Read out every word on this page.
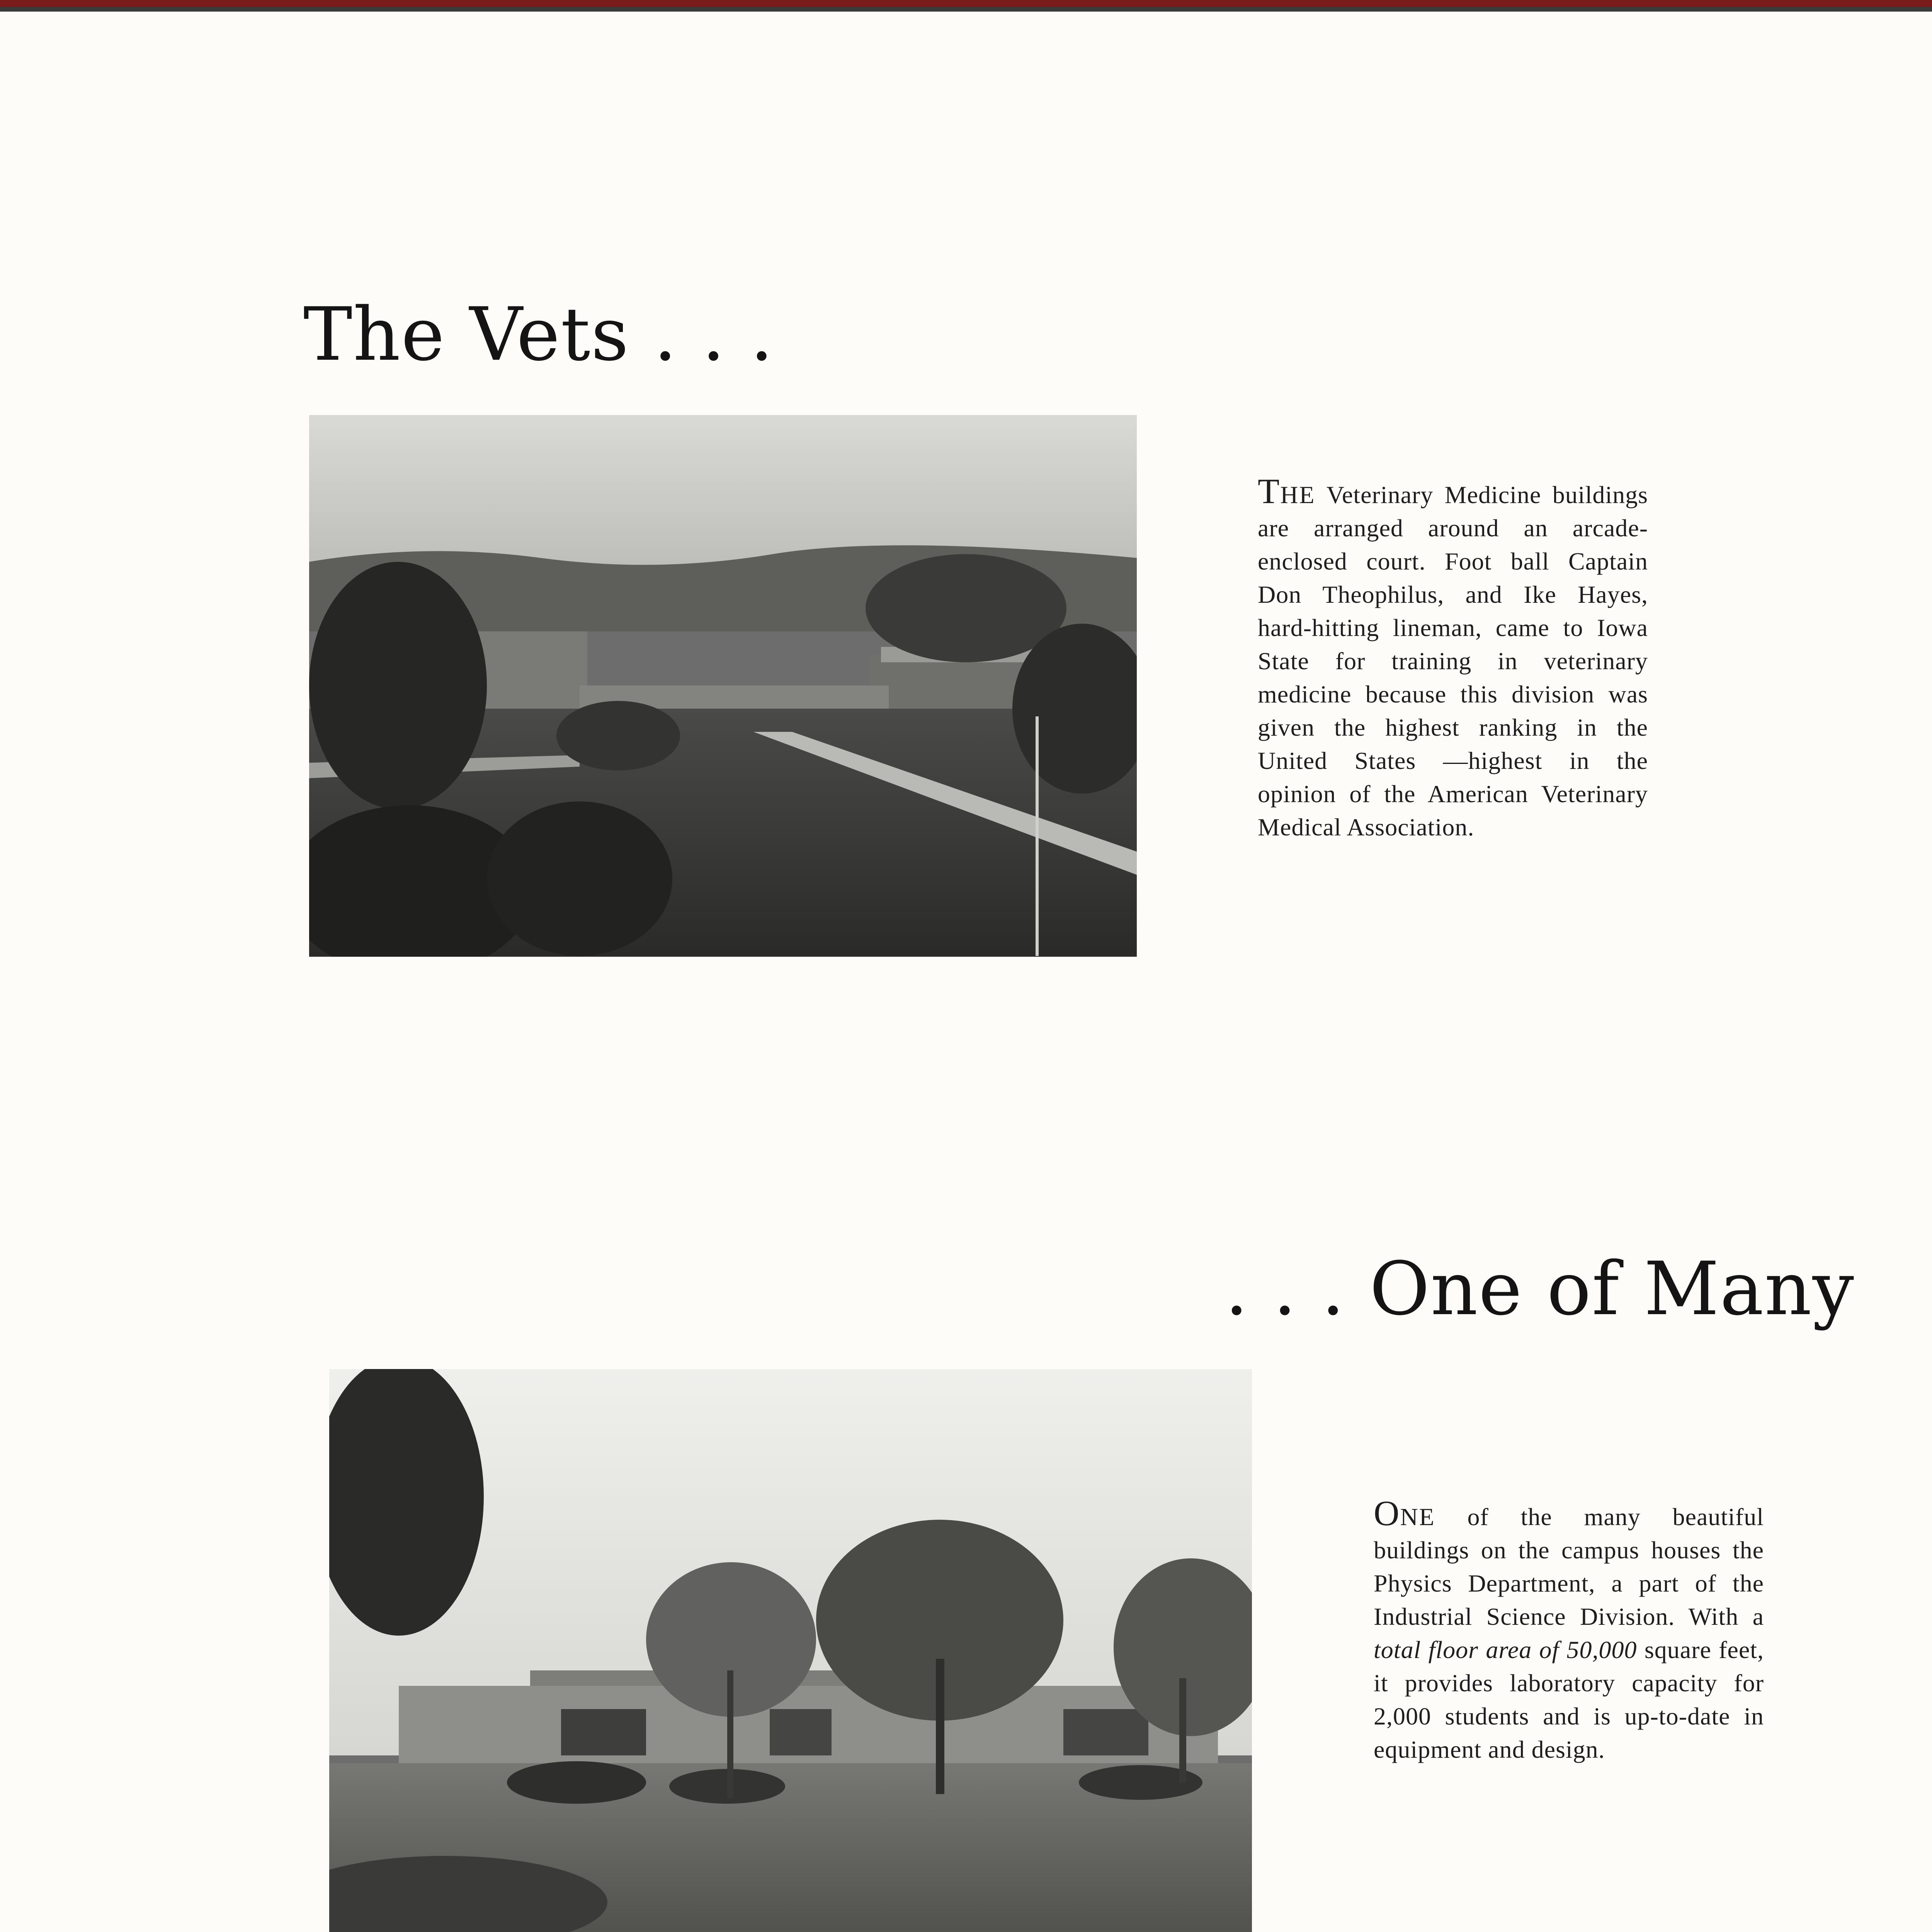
The Vets . . .
THE Veterinary Medicine buildings are arranged around an arcade-enclosed court. Foot ball Captain Don Theophilus, and Ike Hayes, hard-hitting lineman, came to Iowa State for training in veterinary medicine because this division was given the highest ranking in the United States —highest in the opinion of the American Veterinary Medical Association.
. . . One of Many
ONE of the many beautiful buildings on the campus houses the Physics Department, a part of the Industrial Science Division. With a total floor area of 50,000 square feet, it provides laboratory capacity for 2,000 students and is up-to-date in equipment and design.
